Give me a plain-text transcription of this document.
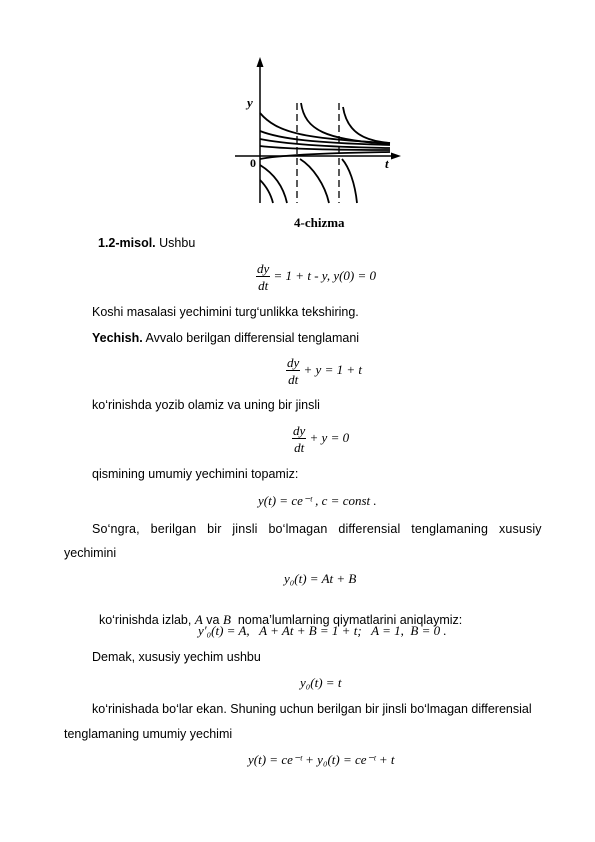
y
t
0
4-chizma
1.2-misol. Ushbu
$\frac{dy}{dt} = 1 + t - y$, y(0) = 0
Koshi masalasi yechimini turg‘unlikka tekshiring.
Yechish. Avvalo berilgan differensial tenglamani
$\frac{dy}{dt} + y = 1 + t$
ko‘rinishda yozib olamiz va uning bir jinsli
$\frac{dy}{dt} + y = 0$
qismining umumiy yechimini topamiz:
y(t) = ce⁻ᵗ , c = const .
So‘ngra,   berilgan   bir   jinsli   bo‘lmagan   differensial   tenglamaning   xususiy
yechimini
y₀(t) = At + B

ko‘rinishda izlab, A va B  noma’lumlarning qiymatlarini aniqlaymiz:

y′₀(t) = A,   A + At + B = 1 + t;   A = 1,  B = 0 .
Demak, xususiy yechim ushbu
y₀(t) = t
ko‘rinishada bo‘lar ekan. Shuning uchun berilgan bir jinsli bo‘lmagan differensial
tenglamaning umumiy yechimi
y(t) = ce⁻ᵗ + y₀(t) = ce⁻ᵗ + t
